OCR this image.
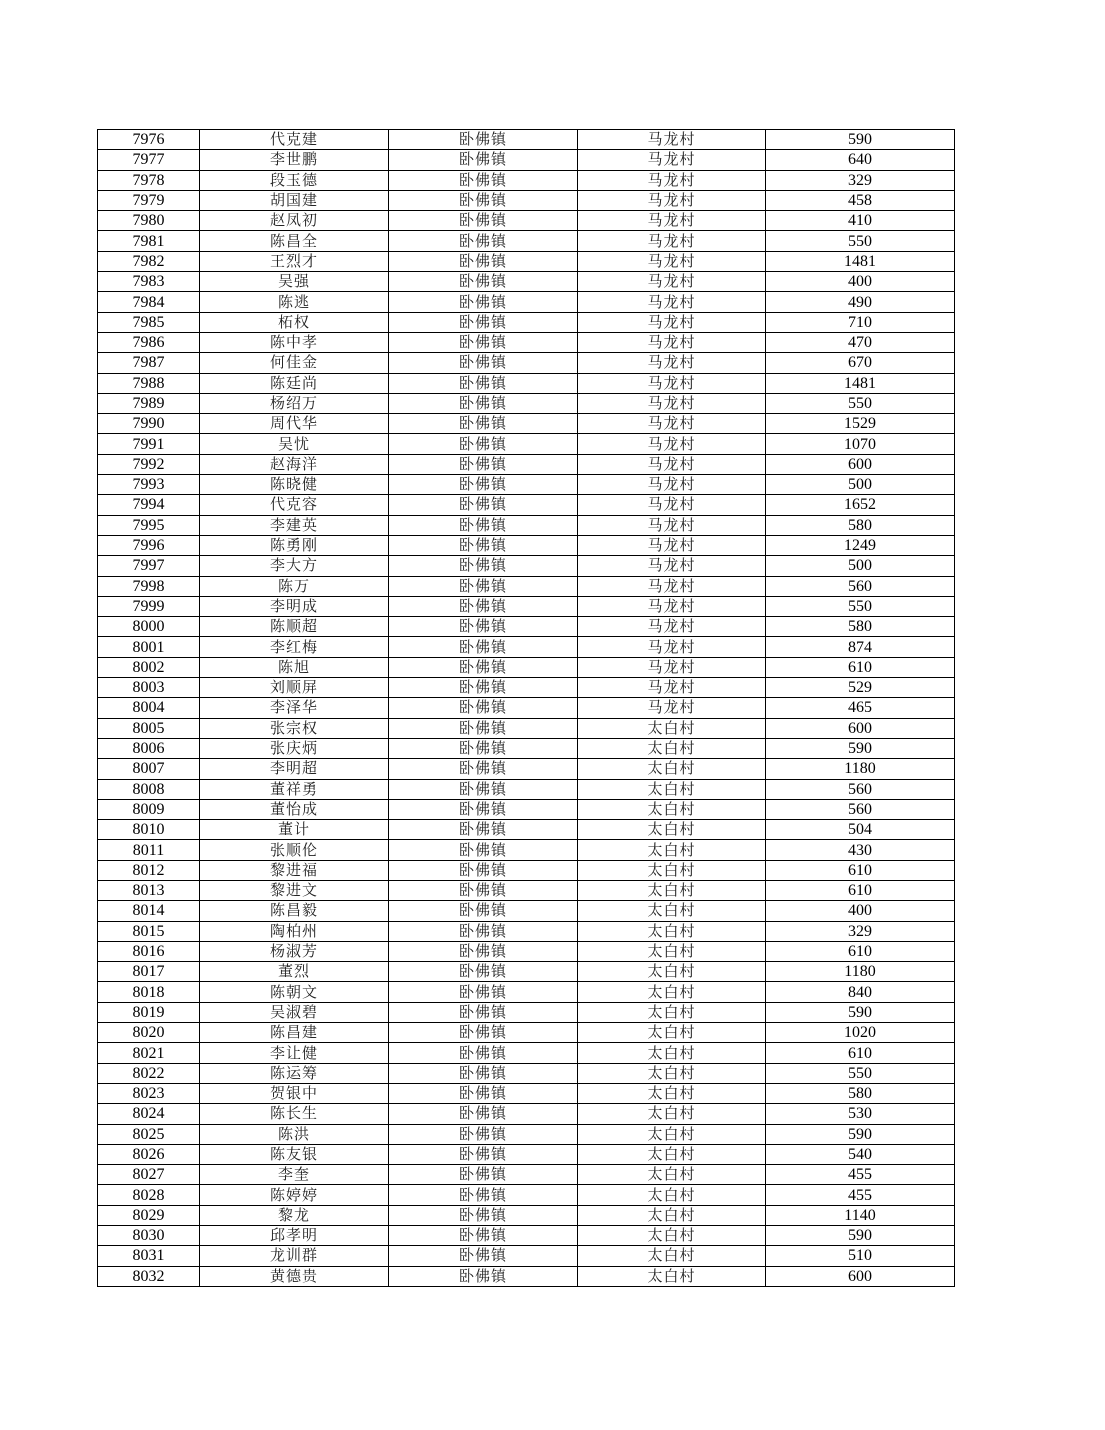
7976	代克建	卧佛镇	马龙村	590
7977	李世鹏	卧佛镇	马龙村	640
7978	段玉德	卧佛镇	马龙村	329
7979	胡国建	卧佛镇	马龙村	458
7980	赵凤初	卧佛镇	马龙村	410
7981	陈昌全	卧佛镇	马龙村	550
7982	王烈才	卧佛镇	马龙村	1481
7983	吴强	卧佛镇	马龙村	400
7984	陈逃	卧佛镇	马龙村	490
7985	柘权	卧佛镇	马龙村	710
7986	陈中孝	卧佛镇	马龙村	470
7987	何佳金	卧佛镇	马龙村	670
7988	陈廷尚	卧佛镇	马龙村	1481
7989	杨绍万	卧佛镇	马龙村	550
7990	周代华	卧佛镇	马龙村	1529
7991	吴忧	卧佛镇	马龙村	1070
7992	赵海洋	卧佛镇	马龙村	600
7993	陈晓健	卧佛镇	马龙村	500
7994	代克容	卧佛镇	马龙村	1652
7995	李建英	卧佛镇	马龙村	580
7996	陈勇刚	卧佛镇	马龙村	1249
7997	李大方	卧佛镇	马龙村	500
7998	陈万	卧佛镇	马龙村	560
7999	李明成	卧佛镇	马龙村	550
8000	陈顺超	卧佛镇	马龙村	580
8001	李红梅	卧佛镇	马龙村	874
8002	陈旭	卧佛镇	马龙村	610
8003	刘顺屏	卧佛镇	马龙村	529
8004	李泽华	卧佛镇	马龙村	465
8005	张宗权	卧佛镇	太白村	600
8006	张庆炳	卧佛镇	太白村	590
8007	李明超	卧佛镇	太白村	1180
8008	董祥勇	卧佛镇	太白村	560
8009	董怡成	卧佛镇	太白村	560
8010	董计	卧佛镇	太白村	504
8011	张顺伦	卧佛镇	太白村	430
8012	黎进福	卧佛镇	太白村	610
8013	黎进文	卧佛镇	太白村	610
8014	陈昌毅	卧佛镇	太白村	400
8015	陶柏州	卧佛镇	太白村	329
8016	杨淑芳	卧佛镇	太白村	610
8017	董烈	卧佛镇	太白村	1180
8018	陈朝文	卧佛镇	太白村	840
8019	吴淑碧	卧佛镇	太白村	590
8020	陈昌建	卧佛镇	太白村	1020
8021	李让健	卧佛镇	太白村	610
8022	陈运筹	卧佛镇	太白村	550
8023	贺银中	卧佛镇	太白村	580
8024	陈长生	卧佛镇	太白村	530
8025	陈洪	卧佛镇	太白村	590
8026	陈友银	卧佛镇	太白村	540
8027	李奎	卧佛镇	太白村	455
8028	陈婷婷	卧佛镇	太白村	455
8029	黎龙	卧佛镇	太白村	1140
8030	邱孝明	卧佛镇	太白村	590
8031	龙训群	卧佛镇	太白村	510
8032	黄德贵	卧佛镇	太白村	600
